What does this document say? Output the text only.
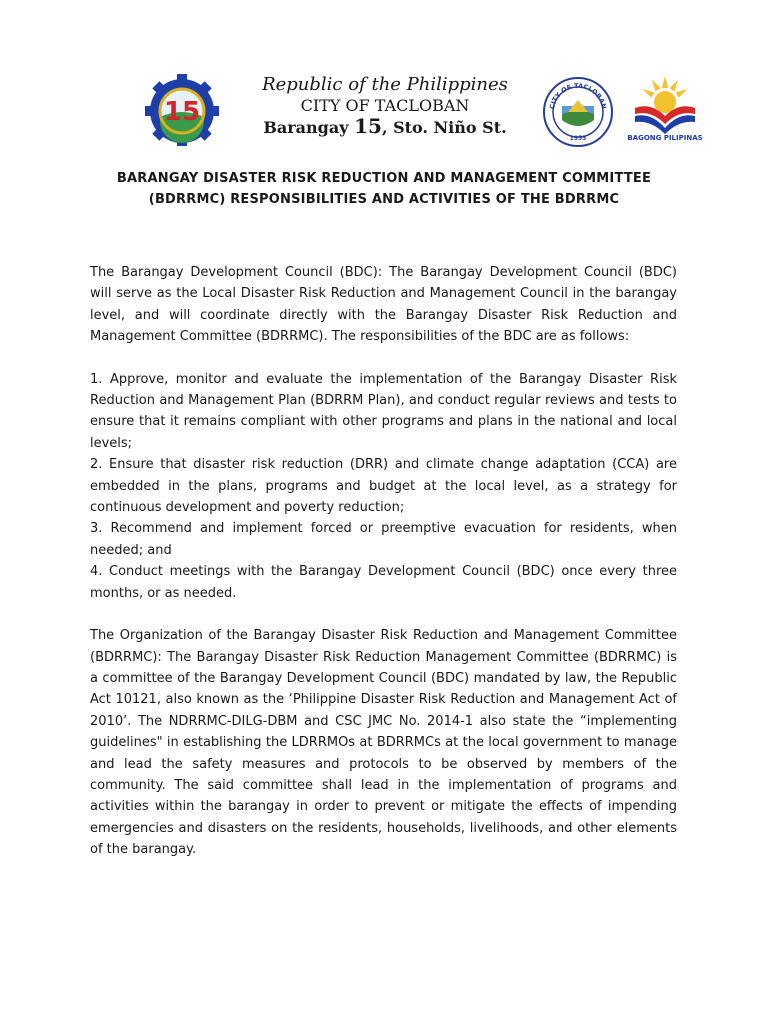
15
Republic of the Philippines
CITY OF TACLOBAN
Barangay 15, Sto. Niño St.
CITY OF TACLOBAN
1953	BAGONG PILIPINAS
BARANGAY DISASTER RISK REDUCTION AND MANAGEMENT COMMITTEE (BDRRMC) RESPONSIBILITIES AND ACTIVITIES OF THE BDRRMC

The Barangay Development Council (BDC): The Barangay Development Council (BDC) will serve as the Local Disaster Risk Reduction and Management Council in the barangay level, and will coordinate directly with the Barangay Disaster Risk Reduction and Management Committee (BDRRMC). The responsibilities of the BDC are as follows:

1. Approve, monitor and evaluate the implementation of the Barangay Disaster Risk Reduction and Management Plan (BDRRM Plan), and conduct regular reviews and tests to ensure that it remains compliant with other programs and plans in the national and local levels;

2. Ensure that disaster risk reduction (DRR) and climate change adaptation (CCA) are embedded in the plans, programs and budget at the local level, as a strategy for continuous development and poverty reduction;

3. Recommend and implement forced or preemptive evacuation for residents, when needed; and

4. Conduct meetings with the Barangay Development Council (BDC) once every three months, or as needed.

The Organization of the Barangay Disaster Risk Reduction and Management Committee (BDRRMC): The Barangay Disaster Risk Reduction Management Committee (BDRRMC) is a committee of the Barangay Development Council (BDC) mandated by law, the Republic Act 10121, also known as the ‘Philippine Disaster Risk Reduction and Management Act of 2010’. The NDRRMC-DILG-DBM and CSC JMC No. 2014-1 also state the “implementing guidelines" in establishing the LDRRMOs at BDRRMCs at the local government to manage and lead the safety measures and protocols to be observed by members of the community. The said committee shall lead in the implementation of programs and activities within the barangay in order to prevent or mitigate the effects of impending emergencies and disasters on the residents, households, livelihoods, and other elements of the barangay.
